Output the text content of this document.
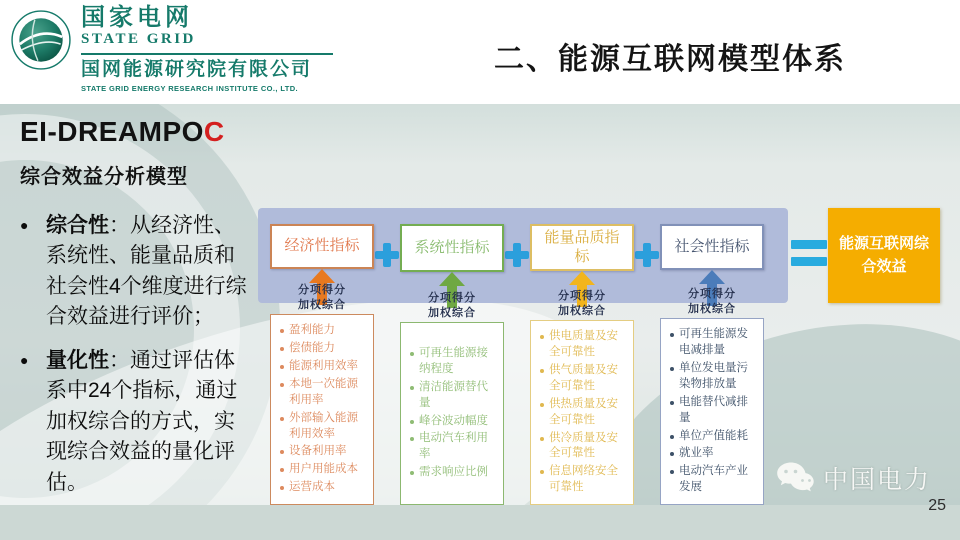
国家电网
STATE GRID
国网能源研究院有限公司
STATE GRID ENERGY RESEARCH INSTITUTE CO., LTD.
二、能源互联网模型体系
EI-DREAMPOC
综合效益分析模型
● 综合性：从经济性、系统性、能量品质和社会性4个维度进行综合效益进行评价；
● 量化性：通过评估体系中24个指标，通过加权综合的方式，实现综合效益的量化评估。
经济性指标
分项得分
加权综合
盈利能力
偿债能力
能源利用效率
本地一次能源利用率
外部输入能源利用效率
设备利用率
用户用能成本
运营成本
系统性指标
分项得分
加权综合
可再生能源接纳程度
清洁能源替代量
峰谷波动幅度
电动汽车利用率
需求响应比例
能量品质指标
分项得分
加权综合
供电质量及安全可靠性
供气质量及安全可靠性
供热质量及安全可靠性
供冷质量及安全可靠性
信息网络安全可靠性
社会性指标
分项得分
加权综合
可再生能源发电减排量
单位发电量污染物排放量
电能替代减排量
单位产值能耗
就业率
电动汽车产业发展
能源互联网综合效益
中国电力
25
